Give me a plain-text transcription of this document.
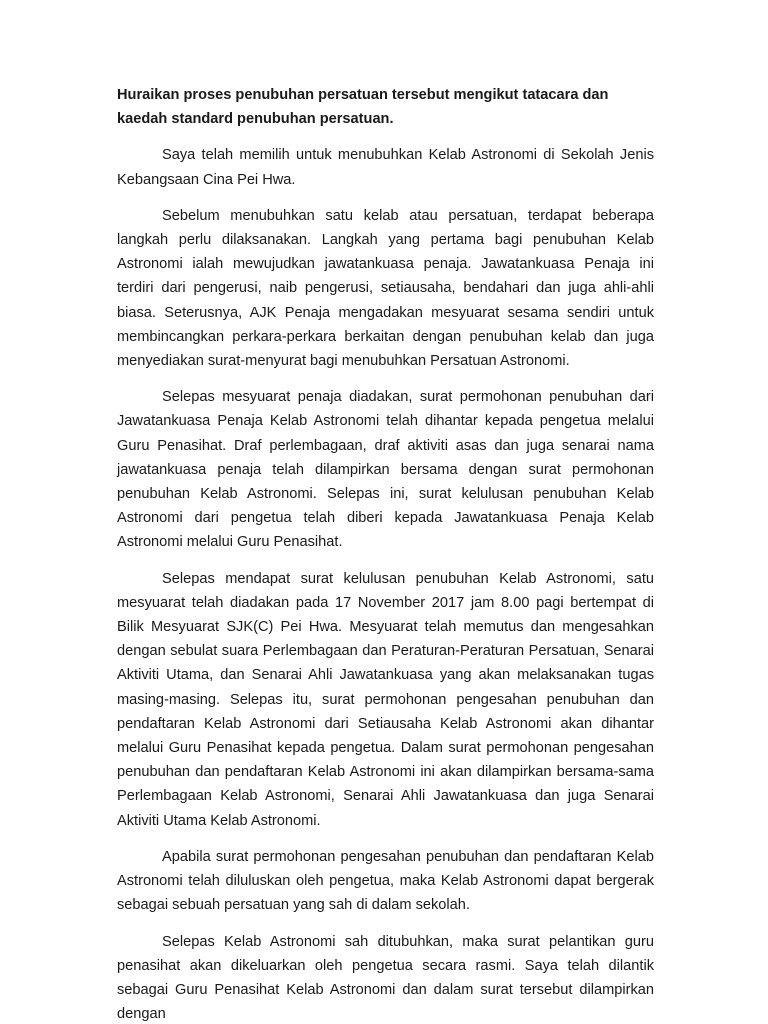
Huraikan proses penubuhan persatuan tersebut mengikut tatacara dan kaedah standard penubuhan persatuan.

Saya telah memilih untuk menubuhkan Kelab Astronomi di Sekolah Jenis Kebangsaan Cina Pei Hwa.

Sebelum menubuhkan satu kelab atau persatuan, terdapat beberapa langkah perlu dilaksanakan. Langkah yang pertama bagi penubuhan Kelab Astronomi ialah mewujudkan jawatankuasa penaja. Jawatankuasa Penaja ini terdiri dari pengerusi, naib pengerusi, setiausaha, bendahari dan juga ahli-ahli biasa. Seterusnya, AJK Penaja mengadakan mesyuarat sesama sendiri untuk membincangkan perkara-perkara berkaitan dengan penubuhan kelab dan juga menyediakan surat-menyurat bagi menubuhkan Persatuan Astronomi.

Selepas mesyuarat penaja diadakan, surat permohonan penubuhan dari Jawatankuasa Penaja Kelab Astronomi telah dihantar kepada pengetua melalui Guru Penasihat. Draf perlembagaan, draf aktiviti asas dan juga senarai nama jawatankuasa penaja telah dilampirkan bersama dengan surat permohonan penubuhan Kelab Astronomi. Selepas ini, surat kelulusan penubuhan Kelab Astronomi dari pengetua telah diberi kepada Jawatankuasa Penaja Kelab Astronomi melalui Guru Penasihat.

Selepas mendapat surat kelulusan penubuhan Kelab Astronomi, satu mesyuarat telah diadakan pada 17 November 2017 jam 8.00 pagi bertempat di Bilik Mesyuarat SJK(C) Pei Hwa. Mesyuarat telah memutus dan mengesahkan dengan sebulat suara Perlembagaan dan Peraturan-Peraturan Persatuan, Senarai Aktiviti Utama, dan Senarai Ahli Jawatankuasa yang akan melaksanakan tugas masing-masing. Selepas itu, surat permohonan pengesahan penubuhan dan pendaftaran Kelab Astronomi dari Setiausaha Kelab Astronomi akan dihantar melalui Guru Penasihat kepada pengetua. Dalam surat permohonan pengesahan penubuhan dan pendaftaran Kelab Astronomi ini akan dilampirkan bersama-sama Perlembagaan Kelab Astronomi, Senarai Ahli Jawatankuasa dan juga Senarai Aktiviti Utama Kelab Astronomi.

Apabila surat permohonan pengesahan penubuhan dan pendaftaran Kelab Astronomi telah diluluskan oleh pengetua, maka Kelab Astronomi dapat bergerak sebagai sebuah persatuan yang sah di dalam sekolah.

Selepas Kelab Astronomi sah ditubuhkan, maka surat pelantikan guru penasihat akan dikeluarkan oleh pengetua secara rasmi. Saya telah dilantik sebagai Guru Penasihat Kelab Astronomi dan dalam surat tersebut dilampirkan dengan
